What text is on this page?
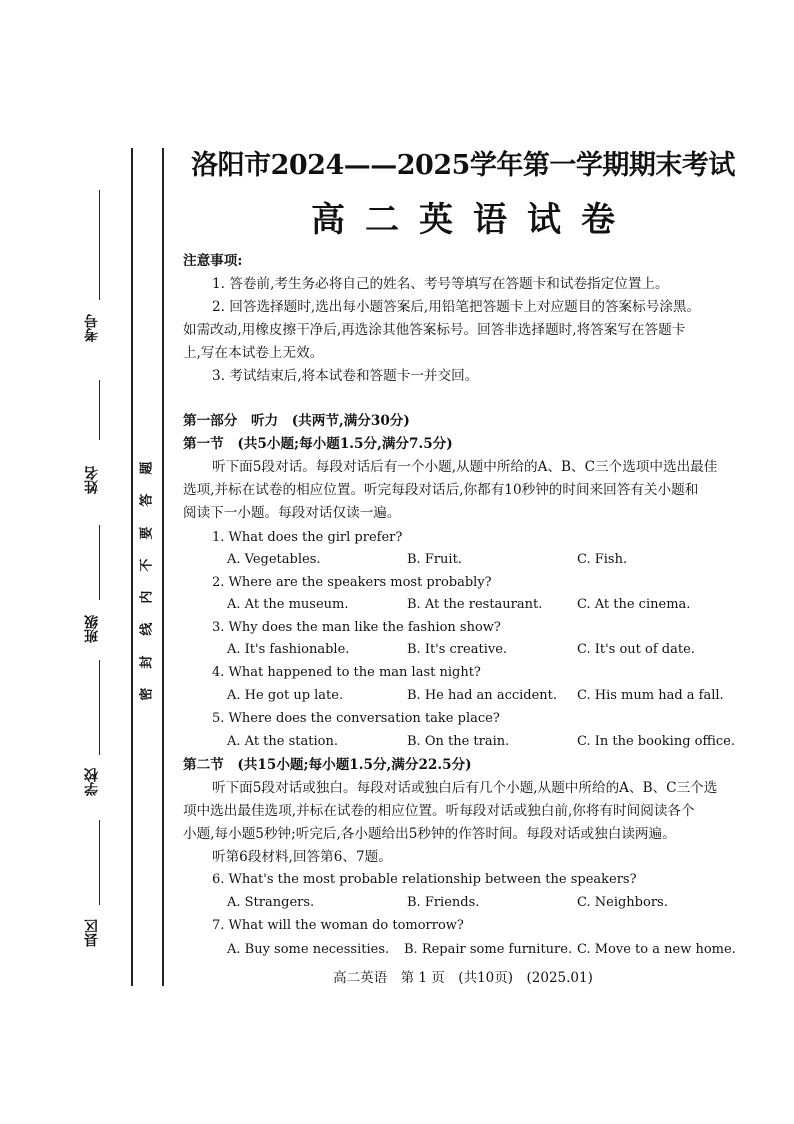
考号
姓名
班级
学校
县区
题
答
要
不
内
线
封
密
洛阳市2024——2025学年第一学期期末考试
高二英语试卷
注意事项:
1. 答卷前,考生务必将自己的姓名、考号等填写在答题卡和试卷指定位置上。
2. 回答选择题时,选出每小题答案后,用铅笔把答题卡上对应题目的答案标号涂黑。
如需改动,用橡皮擦干净后,再选涂其他答案标号。回答非选择题时,将答案写在答题卡
上,写在本试卷上无效。
3. 考试结束后,将本试卷和答题卡一并交回。
第一部分　听力　(共两节,满分30分)
第一节　(共5小题;每小题1.5分,满分7.5分)
听下面5段对话。每段对话后有一个小题,从题中所给的A、B、C三个选项中选出最佳
选项,并标在试卷的相应位置。听完每段对话后,你都有10秒钟的时间来回答有关小题和
阅读下一小题。每段对话仅读一遍。
1. What does the girl prefer?
A. Vegetables.	B. Fruit.	C. Fish.
2. Where are the speakers most probably?
A. At the museum.	B. At the restaurant.	C. At the cinema.
3. Why does the man like the fashion show?
A. It's fashionable.	B. It's creative.	C. It's out of date.
4. What happened to the man last night?
A. He got up late.	B. He had an accident. C. His mum had a fall.
5. Where does the conversation take place?
A. At the station.	B. On the train.	C. In the booking office.
第二节　(共15小题;每小题1.5分,满分22.5分)
听下面5段对话或独白。每段对话或独白后有几个小题,从题中所给的A、B、C三个选
项中选出最佳选项,并标在试卷的相应位置。听每段对话或独白前,你将有时间阅读各个
小题,每小题5秒钟;听完后,各小题给出5秒钟的作答时间。每段对话或独白读两遍。
听第6段材料,回答第6、7题。
6. What's the most probable relationship between the speakers?
A. Strangers.	B. Friends.	C. Neighbors.
7. What will the woman do tomorrow?
A. Buy some necessities. B. Repair some furniture. C. Move to a new home.
高二英语　第 1 页　(共10页)　(2025.01)
